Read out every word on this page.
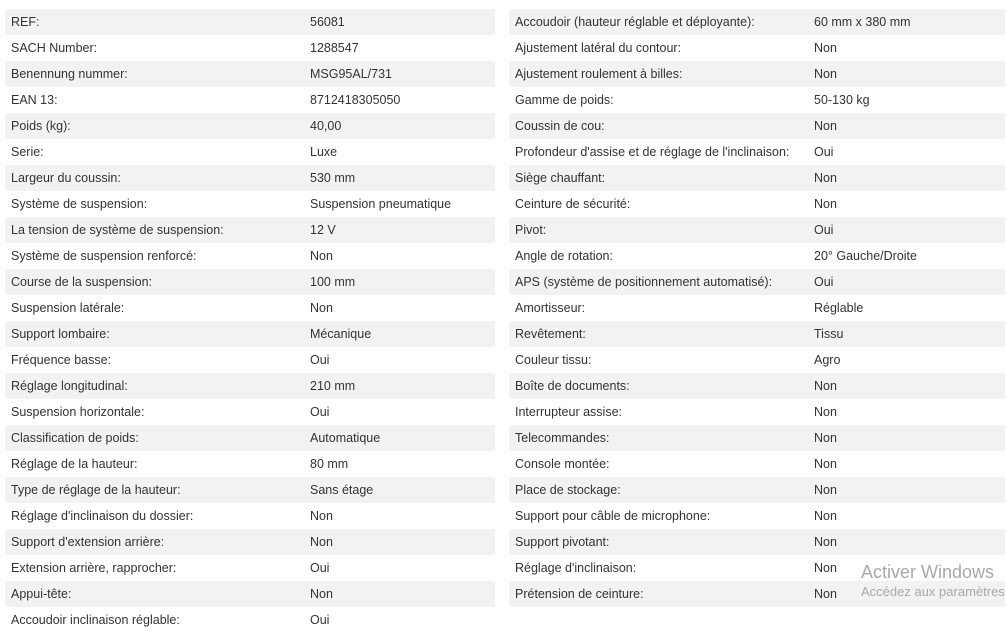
REF:	56081
SACH Number:	1288547
Benennung nummer:	MSG95AL/731
EAN 13:	8712418305050
Poids (kg):	40,00
Serie:	Luxe
Largeur du coussin:	530 mm
Système de suspension:	Suspension pneumatique
La tension de système de suspension:	12 V
Système de suspension renforcé:	Non
Course de la suspension:	100 mm
Suspension latérale:	Non
Support lombaire:	Mécanique
Fréquence basse:	Oui
Réglage longitudinal:	210 mm
Suspension horizontale:	Oui
Classification de poids:	Automatique
Réglage de la hauteur:	80 mm
Type de réglage de la hauteur:	Sans étage
Réglage d'inclinaison du dossier:	Non
Support d'extension arrière:	Non
Extension arrière, rapprocher:	Oui
Appui-tête:	Non
Accoudoir inclinaison réglable:	Oui
Accoudoir (hauteur réglable et déployante):	60 mm x 380 mm
Ajustement latéral du contour:	Non
Ajustement roulement à billes:	Non
Gamme de poids:	50-130 kg
Coussin de cou:	Non
Profondeur d'assise et de réglage de l'inclinaison:	Oui
Siège chauffant:	Non
Ceinture de sécurité:	Non
Pivot:	Oui
Angle de rotation:	20° Gauche/Droite
APS (système de positionnement automatisé):	Oui
Amortisseur:	Réglable
Revêtement:	Tissu
Couleur tissu:	Agro
Boîte de documents:	Non
Interrupteur assise:	Non
Telecommandes:	Non
Console montée:	Non
Place de stockage:	Non
Support pour câble de microphone:	Non
Support pivotant:	Non
Réglage d'inclinaison:	Non
Prétension de ceinture:	Non
Activer Windows
Accédez aux paramètres
